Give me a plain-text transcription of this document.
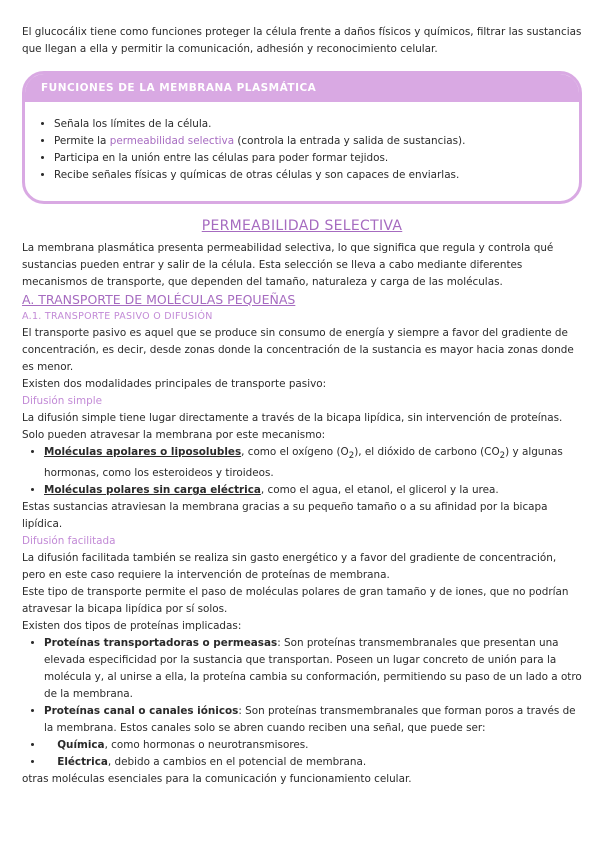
El glucocálix tiene como funciones proteger la célula frente a daños físicos y químicos, filtrar las sustancias que llegan a ella y permitir la comunicación, adhesión y reconocimiento celular.

FUNCIONES DE LA MEMBRANA PLASMÁTICA
• Señala los límites de la célula.
• Permite la permeabilidad selectiva (controla la entrada y salida de sustancias).
• Participa en la unión entre las células para poder formar tejidos.
• Recibe señales físicas y químicas de otras células y son capaces de enviarlas.
PERMEABILIDAD SELECTIVA

La membrana plasmática presenta permeabilidad selectiva, lo que significa que regula y controla qué sustancias pueden entrar y salir de la célula. Esta selección se lleva a cabo mediante diferentes mecanismos de transporte, que dependen del tamaño, naturaleza y carga de las moléculas.

A. TRANSPORTE DE MOLÉCULAS PEQUEÑAS

A.1. TRANSPORTE PASIVO O DIFUSIÓN

El transporte pasivo es aquel que se produce sin consumo de energía y siempre a favor del gradiente de concentración, es decir, desde zonas donde la concentración de la sustancia es mayor hacia zonas donde es menor.

Existen dos modalidades principales de transporte pasivo:

Difusión simple

La difusión simple tiene lugar directamente a través de la bicapa lipídica, sin intervención de proteínas.

Solo pueden atravesar la membrana por este mecanismo:

• Moléculas apolares o liposolubles, como el oxígeno $(O_2)$, el dióxido de carbono $(CO_2)$ y algunas hormonas, como los esteroideos y tiroideos.
• Moléculas polares sin carga eléctrica, como el agua, el etanol, el glicerol y la urea.

Estas sustancias atraviesan la membrana gracias a su pequeño tamaño o a su afinidad por la bicapa lipídica.

Difusión facilitada

La difusión facilitada también se realiza sin gasto energético y a favor del gradiente de concentración, pero en este caso requiere la intervención de proteínas de membrana.

Este tipo de transporte permite el paso de moléculas polares de gran tamaño y de iones, que no podrían atravesar la bicapa lipídica por sí solos.

Existen dos tipos de proteínas implicadas:

• Proteínas transportadoras o permeasas: Son proteínas transmembranales que presentan una elevada especificidad por la sustancia que transportan. Poseen un lugar concreto de unión para la molécula y, al unirse a ella, la proteína cambia su conformación, permitiendo su paso de un lado a otro de la membrana.
• Proteínas canal o canales iónicos: Son proteínas transmembranales que forman poros a través de la membrana. Estos canales solo se abren cuando reciben una señal, que puede ser:
• Química, como hormonas o neurotransmisores.
• Eléctrica, debido a cambios en el potencial de membrana.

otras moléculas esenciales para la comunicación y funcionamiento celular.
